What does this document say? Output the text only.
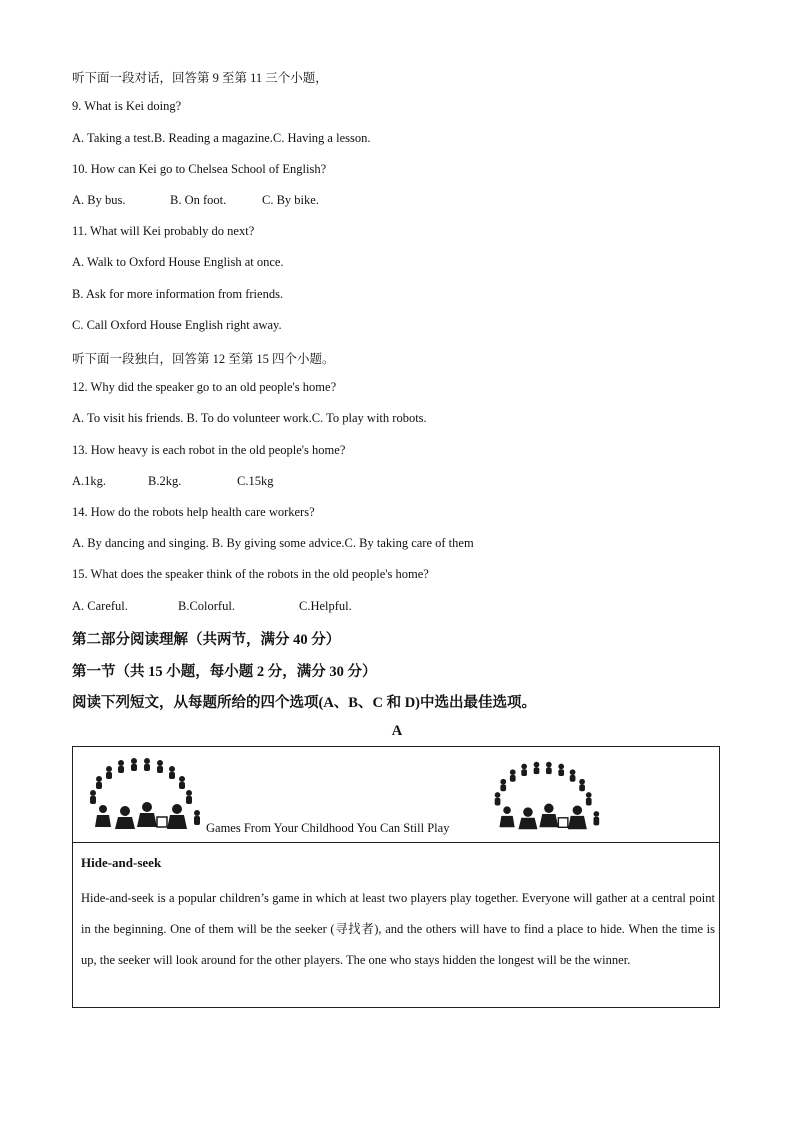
听下面一段对话，回答第 9 至第 11 三个小题，
9. What is Kei doing?
A. Taking a test.B. Reading a magazine.C. Having a lesson.
10. How can Kei go to Chelsea School of English?
A. By bus.	B. On foot.	C. By bike.
11. What will Kei probably do next?
A. Walk to Oxford House English at once.
B. Ask for more information from friends.
C. Call Oxford House English right away.
听下面一段独白，回答第 12 至第 15 四个小题。
12. Why did the speaker go to an old people's home?
A. To visit his friends. B. To do volunteer work.C. To play with robots.
13. How heavy is each robot in the old people's home?
A.1kg.	B.2kg.	C.15kg
14. How do the robots help health care workers?
A. By dancing and singing. B. By giving some advice.C. By taking care of them
15. What does the speaker think of the robots in the old people's home?
A. Careful.	B.Colorful.	C.Helpful.
第二部分阅读理解（共两节，满分 40 分）
第一节（共 15 小题，每小题 2 分，满分 30 分）
阅读下列短文，从每题所给的四个选项(A、B、C 和 D)中选出最佳选项。
A
Games From Your Childhood You Can Still Play
Hide-and-seek
Hide-and-seek is a popular children’s game in which at least two players play together. Everyone will gather at a central point in the beginning. One of them will be the seeker (寻找者), and the others will have to find a place to hide. When the time is up, the seeker will look around for the other players. The one who stays hidden the longest will be the winner.
